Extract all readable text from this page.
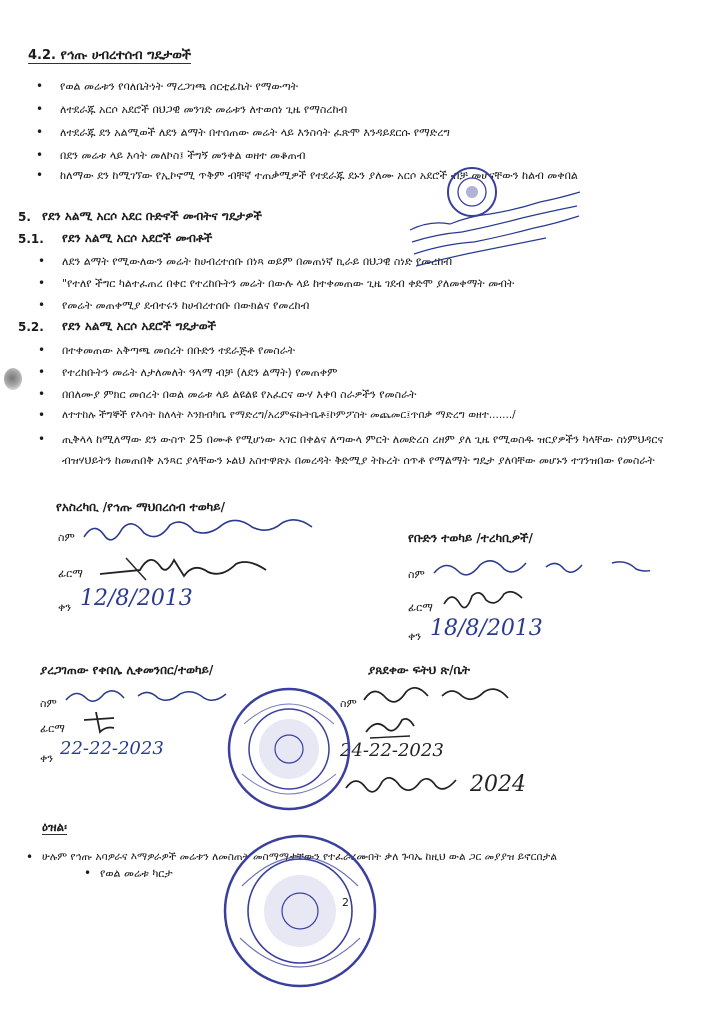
4.2. የኅጡ ሀብረተሰብ ግዴታወች
• የወል መሬቱን የባለቤትነት ማረጋገጫ ሰርቲፊኬት የማውጣት
• ለተደራጁ አርሶ አደሮች በህጋዊ መንገድ መሬቱን ለተወሰነ ጊዜ የማስረከብ
• ለተደራጁ ደን አልሚወች ለደን ልማት በተሰጠው መሬት ላይ እንስሳት ፈጽሞ እንዳይደርሱ የማድረግ
• በደን መሬቱ ላይ እሳት መለኮስ፤ ችግኝ መንቀል ወዘተ መቆጠብ
• ከለማው ደን ከሚገኘው የኢኮኖሚ ጥቅም ብቸኛ ተጠቃሚዎች የተደራጁ ደኑን ያለሙ አርሶ አደሮች ብቻ መሆናቸውን ከልብ መቀበል
5. የደን አልሚ አርሶ አደር ቡድኖች መብትና ግዴታዎች
5.1. የደን አልሚ አርሶ አደሮች መብቶች
• ለደን ልማት የሚውለውን መሬት ከሀብረተሰቡ በነጻ ወይም በመጠነኛ ኪራይ በህጋዊ ስነድ የመረከብ
• "የተለየ ችግር ካልተፈጠረ በቀር የተረከቡትን መሬት በውሉ ላይ ከተቀመጠው ጊዜ ገደብ ቀድሞ ያለመቀማት መብት
• የመሬት መጠቀሚያ ደብተሩን ከሀብረተሰቡ በውክልና የመረከብ
5.2. የደን አልሚ አርሶ አደሮች ግዴታወች
• በተቀመጠው አቅጣጫ መሰረት በቡድን ተደራጅቶ የመስራት
• የተረከቡትን መሬት ለታለመለት ዓላማ ብቻ (ለደን ልማት) የመጠቀም
• በበለሙያ ምክር መሰረት በወል መሬቱ ላይ ልዩልዩ የአፈርና ውሃ እቀባ ስራዎችን የመስራት
• ለተተከሉ ችግኞች የእሳት ከለላት እንክብካቤ የማድረግ/አረምፍኩትቤቶ፤ኮምፖስት መጨመር፤ጥበቃ ማድረግ ወዘተ......./
• ጢቅላላ ከሚለማው ደን ውስጥ 25 በሙቶ የሚሆነው ኣገር በቀልና ለጣውላ ምርት ለመድረስ ረዘም ያለ ጊዜ የሚወስዱ ዝርያዎችን ካላቸው ስነምህዳርና ብዝሃህይትን ከመጠበቅ አንጻር ያላቸውን ኑልህ አስተዋጽኦ በመረዳት ቅድሚያ ትኩረት ሰጥቶ የማልማት ግዴታ ያለባቸው መሆኑን ተገንዝበው የመስራት
የአስረካቢ /የኅጡ ማህበረሰብ ተወካይ/
የቡድን ተወካይ /ተረካቢዎች/
ስም
ፊርማ
ቀን 12/8/2013
ስም
ፊርማ
ቀን 18/8/2013
ያረጋገጠው የቀበሌ ሊቀመንበር/ተወካይ/
ስም
ፊርማ
ቀን 22-22-2023
ያጸደቀው ፍትህ ጽ/ቤት
ስም
24-22-2023
2024
ዕዝል፡
• ሁሉም የኅጡ አባዎራና እማዎራዎች መሬቱን ለመስጠት መስማማታቸውን የተፈራረሙበት ቃለ ጉባኤ ከዚህ ውል ጋር መያያዝ ይኖርበታል
• የወል መሬቱ ካርታ
2
